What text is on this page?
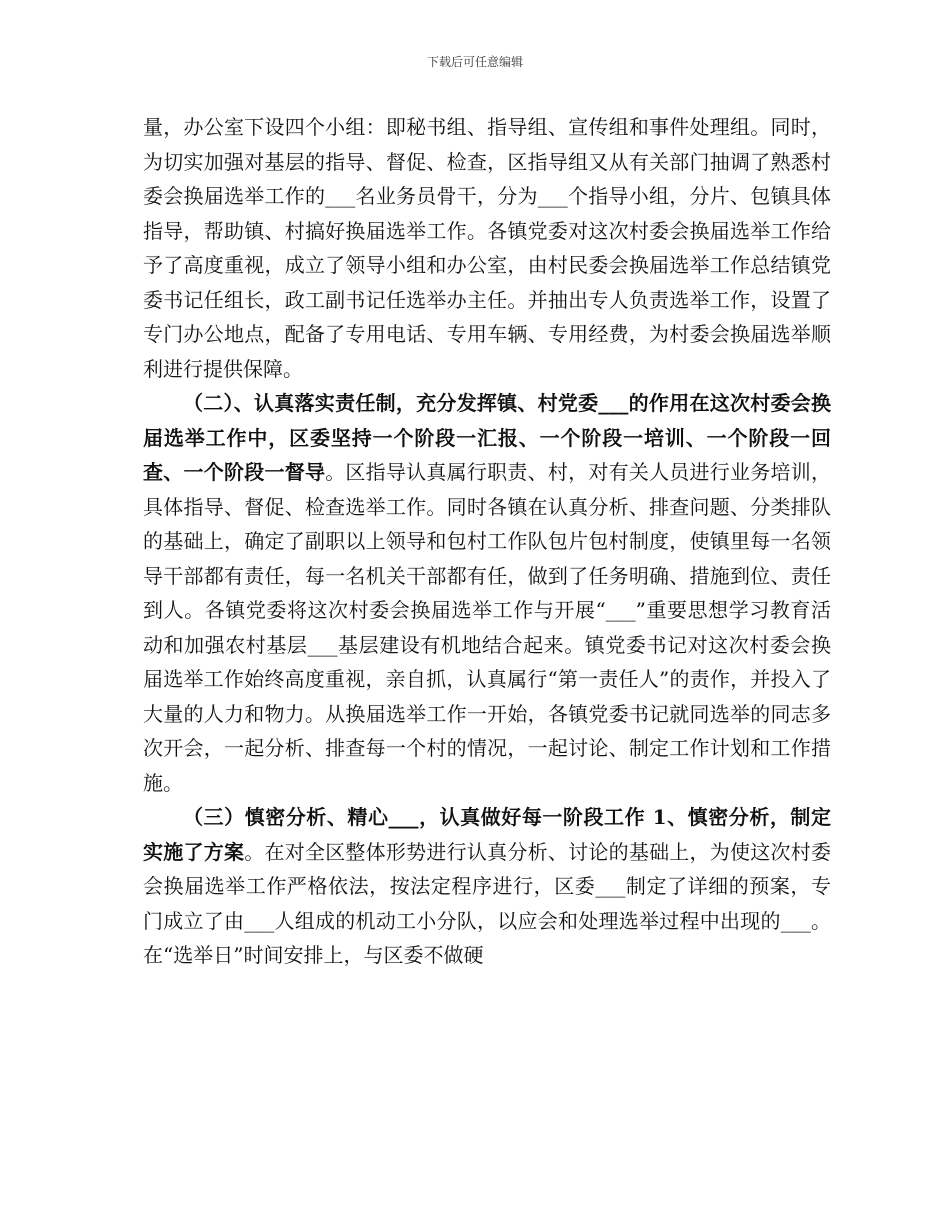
下载后可任意编辑

量，办公室下设四个小组：即秘书组、指导组、宣传组和事件处理组。同时，为切实加强对基层的指导、督促、检查，区指导组又从有关部门抽调了熟悉村委会换届选举工作的___名业务员骨干，分为___个指导小组，分片、包镇具体指导，帮助镇、村搞好换届选举工作。各镇党委对这次村委会换届选举工作给予了高度重视，成立了领导小组和办公室，由村民委会换届选举工作总结镇党委书记任组长，政工副书记任选举办主任。并抽出专人负责选举工作，设置了专门办公地点，配备了专用电话、专用车辆、专用经费，为村委会换届选举顺利进行提供保障。

（二）、认真落实责任制，充分发挥镇、村党委___的作用在这次村委会换届选举工作中，区委坚持一个阶段一汇报、一个阶段一培训、一个阶段一回查、一个阶段一督导。区指导认真属行职责、村，对有关人员进行业务培训，具体指导、督促、检查选举工作。同时各镇在认真分析、排查问题、分类排队的基础上，确定了副职以上领导和包村工作队包片包村制度，使镇里每一名领导干部都有责任，每一名机关干部都有任，做到了任务明确、措施到位、责任到人。各镇党委将这次村委会换届选举工作与开展“___”重要思想学习教育活动和加强农村基层___基层建设有机地结合起来。镇党委书记对这次村委会换届选举工作始终高度重视，亲自抓，认真属行“第一责任人”的责作，并投入了大量的人力和物力。从换届选举工作一开始，各镇党委书记就同选举的同志多次开会，一起分析、排查每一个村的情况，一起讨论、制定工作计划和工作措施。

（三）慎密分析、精心___，认真做好每一阶段工作 1、慎密分析，制定实施了方案。在对全区整体形势进行认真分析、讨论的基础上，为使这次村委会换届选举工作严格依法，按法定程序进行，区委___制定了详细的预案，专门成立了由___人组成的机动工小分队，以应会和处理选举过程中出现的___。在“选举日”时间安排上，与区委不做硬
